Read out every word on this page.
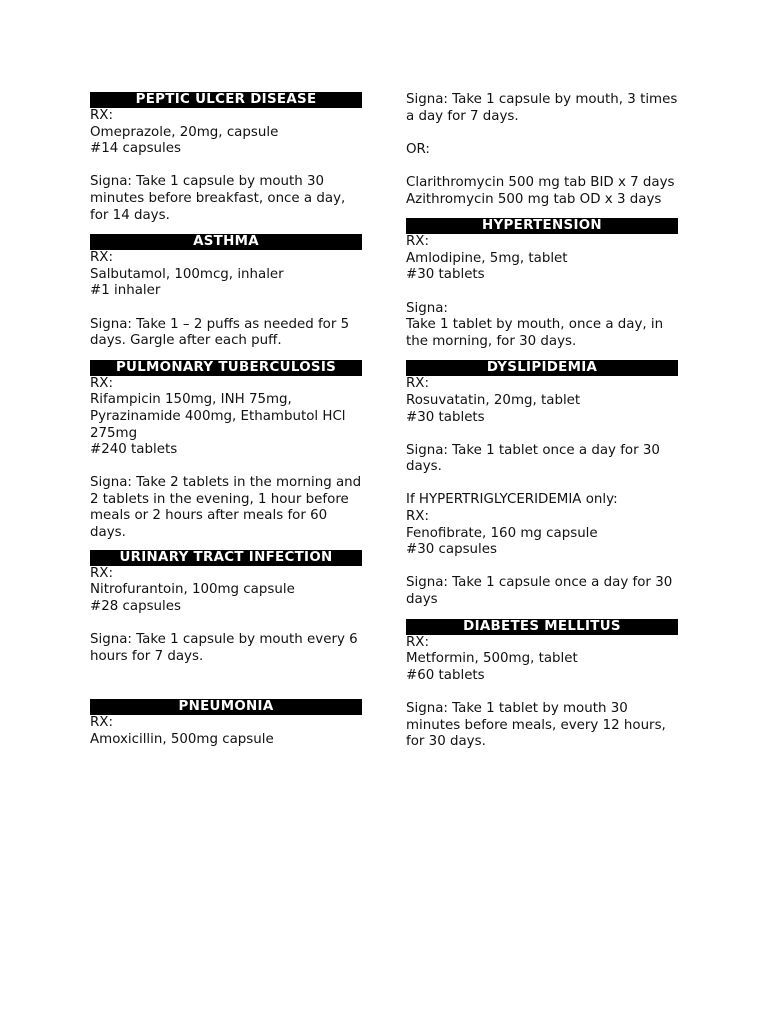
PEPTIC ULCER DISEASE
RX:
Omeprazole, 20mg, capsule
#14 capsules
Signa: Take 1 capsule by mouth 30 minutes before breakfast, once a day, for 14 days.
ASTHMA
RX:
Salbutamol, 100mcg, inhaler
#1 inhaler
Signa: Take 1 – 2 puffs as needed for 5 days. Gargle after each puff.
PULMONARY TUBERCULOSIS
RX:
Rifampicin 150mg, INH 75mg, Pyrazinamide 400mg, Ethambutol HCl 275mg
#240 tablets
Signa: Take 2 tablets in the morning and 2 tablets in the evening, 1 hour before meals or 2 hours after meals for 60 days.
URINARY TRACT INFECTION
RX:
Nitrofurantoin, 100mg capsule
#28 capsules
Signa: Take 1 capsule by mouth every 6 hours for 7 days.
PNEUMONIA
RX:
Amoxicillin, 500mg capsule
Signa: Take 1 capsule by mouth, 3 times a day for 7 days.
OR:
Clarithromycin 500 mg tab BID x 7 days
Azithromycin 500 mg tab OD x 3 days
HYPERTENSION
RX:
Amlodipine, 5mg, tablet
#30 tablets
Signa:
Take 1 tablet by mouth, once a day, in the morning, for 30 days.
DYSLIPIDEMIA
RX:
Rosuvatatin, 20mg, tablet
#30 tablets
Signa: Take 1 tablet once a day for 30 days.
If HYPERTRIGLYCERIDEMIA only:
RX:
Fenofibrate, 160 mg capsule
#30 capsules
Signa: Take 1 capsule once a day for 30 days
DIABETES MELLITUS
RX:
Metformin, 500mg, tablet
#60 tablets
Signa: Take 1 tablet by mouth 30 minutes before meals, every 12 hours, for 30 days.
